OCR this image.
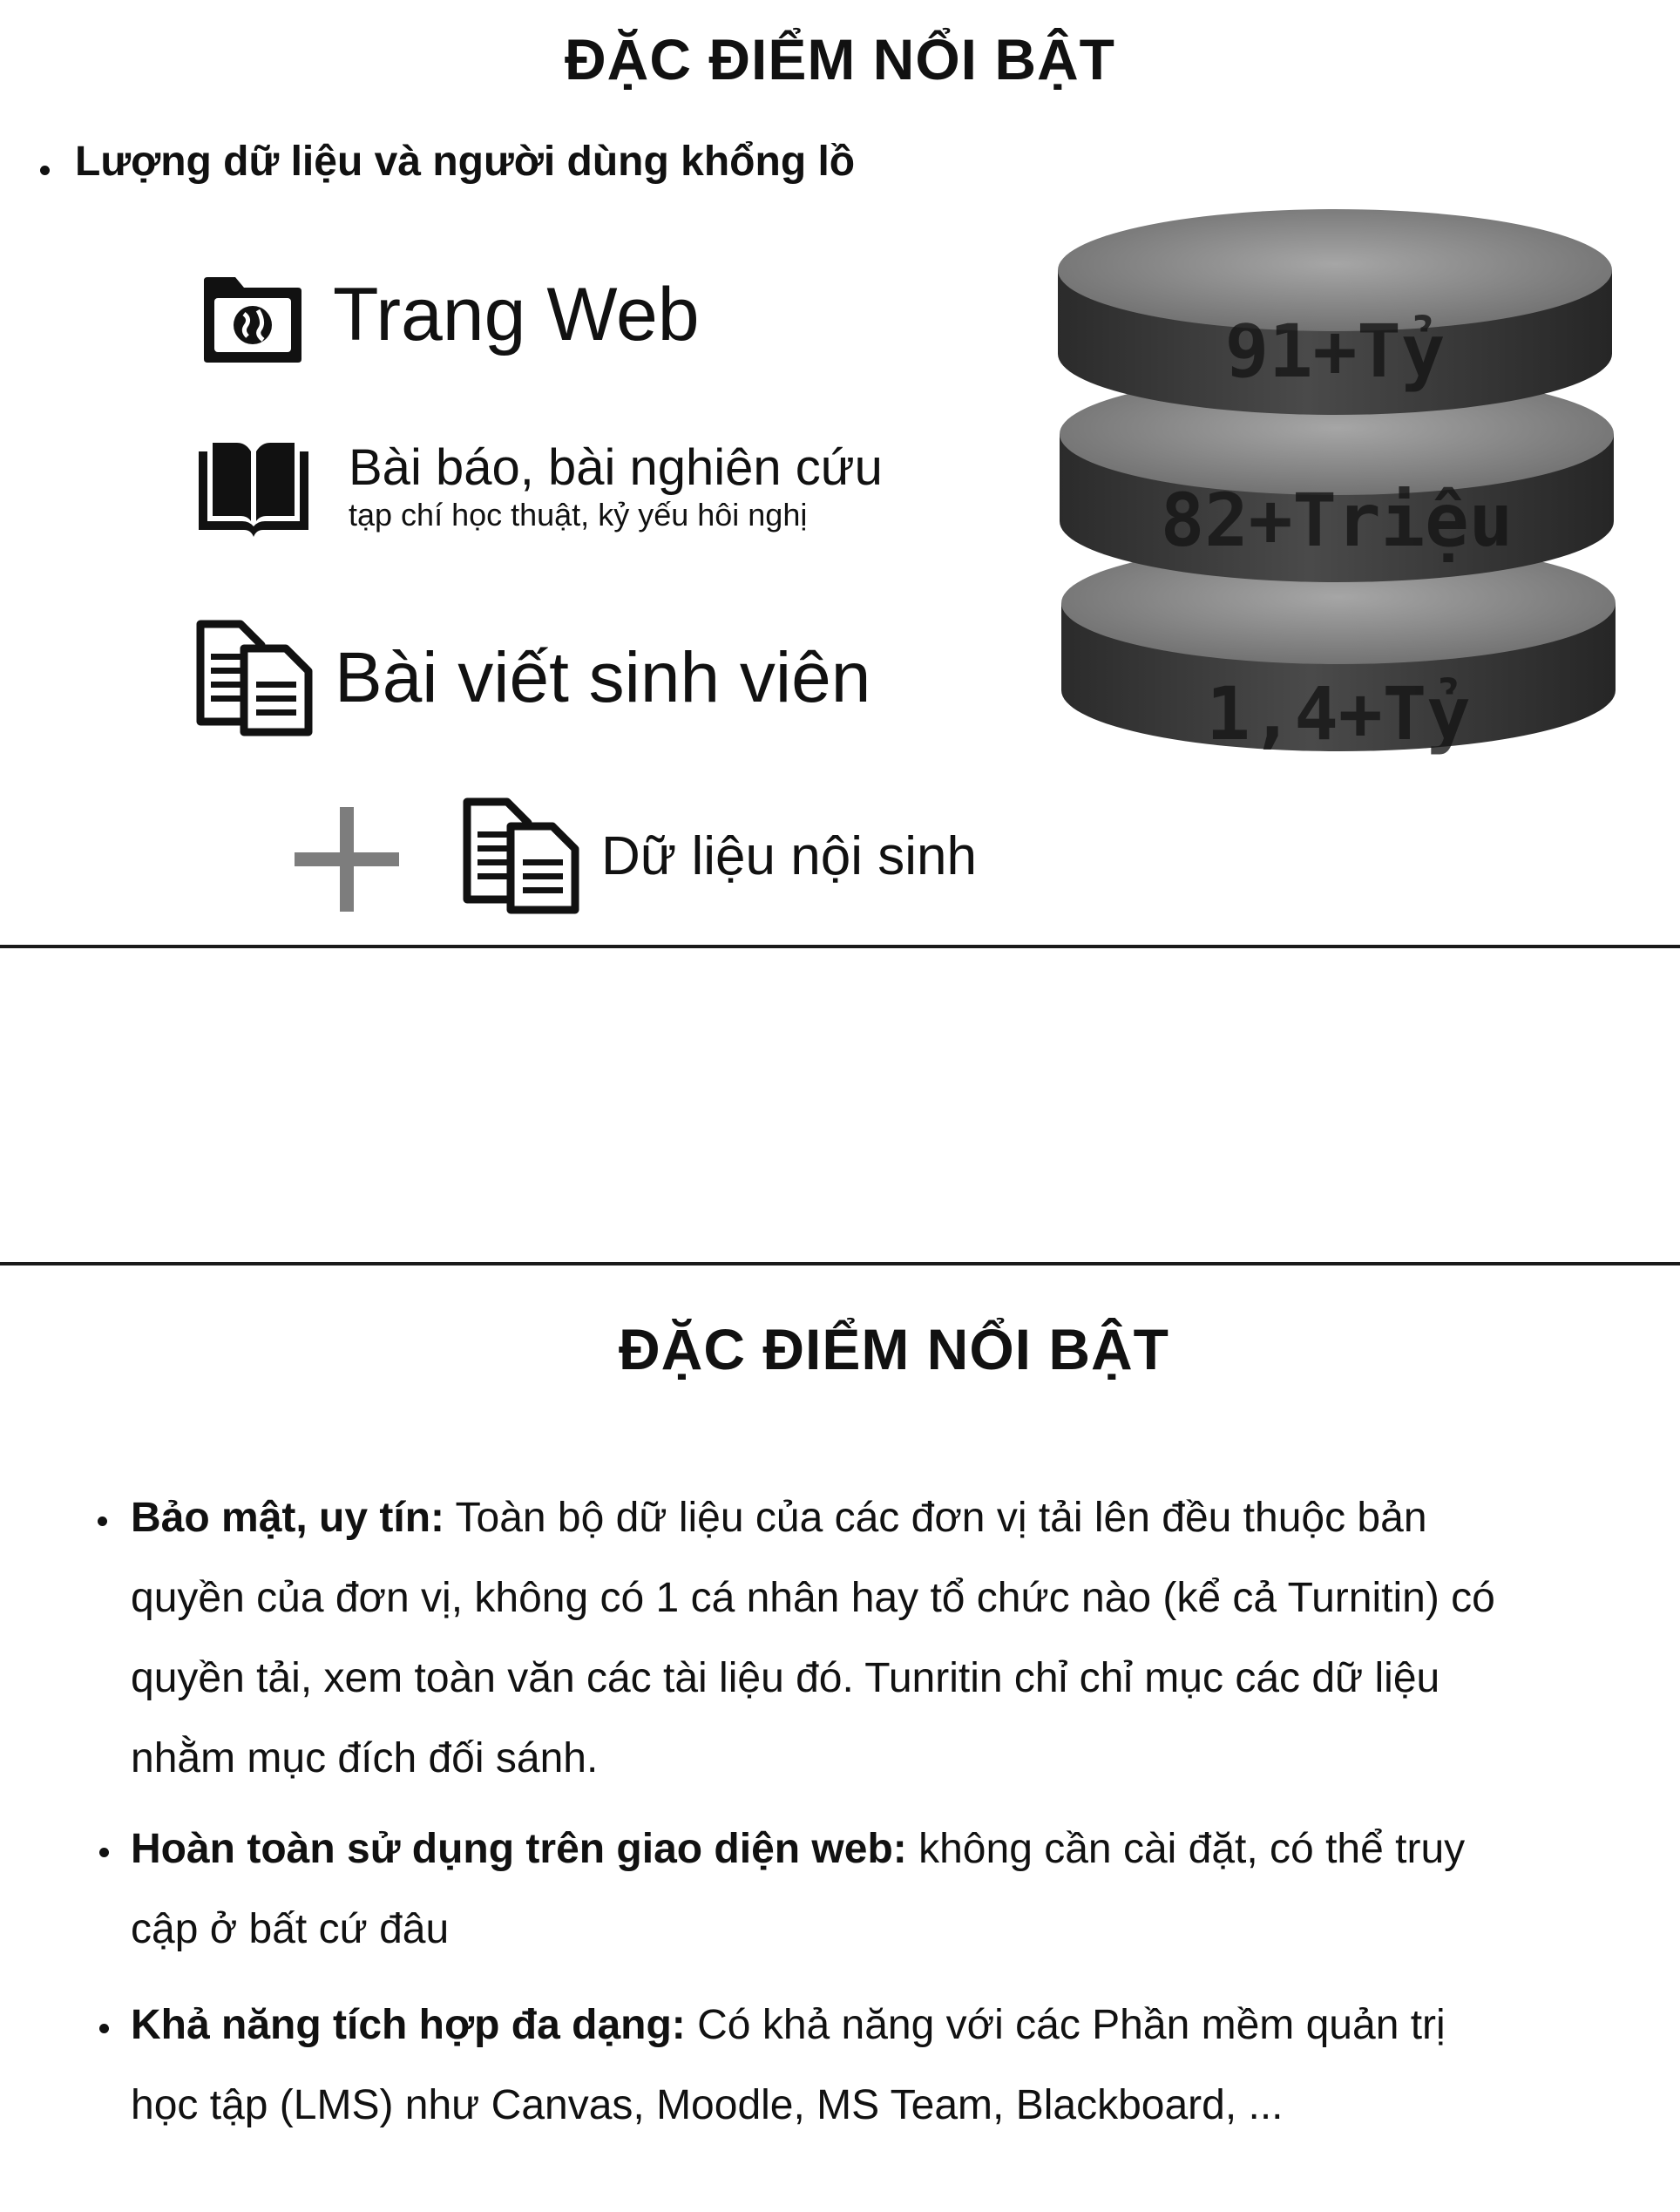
ĐẶC ĐIỂM NỔI BẬT
Lượng dữ liệu và người dùng khổng lồ
Trang Web
Bài báo, bài nghiên cứu
tạp chí học thuật, kỷ yếu hôi nghị
Bài viết sinh viên
Dữ liệu nội sinh
1,4+Tỷ
82+Triệu
91+Tỷ
ĐẶC ĐIỂM NỔI BẬT
Bảo mật, uy tín: Toàn bộ dữ liệu của các đơn vị tải lên đều thuộc bản
quyền của đơn vị, không có 1 cá nhân hay tổ chức nào (kể cả Turnitin) có
quyền tải, xem toàn văn các tài liệu đó. Tunritin chỉ chỉ mục các dữ liệu
nhằm mục đích đối sánh.
Hoàn toàn sử dụng trên giao diện web: không cần cài đặt, có thể truy
cập ở bất cứ đâu
Khả năng tích hợp đa dạng: Có khả năng với các Phần mềm quản trị
học tập (LMS) như Canvas, Moodle, MS Team, Blackboard, ...
